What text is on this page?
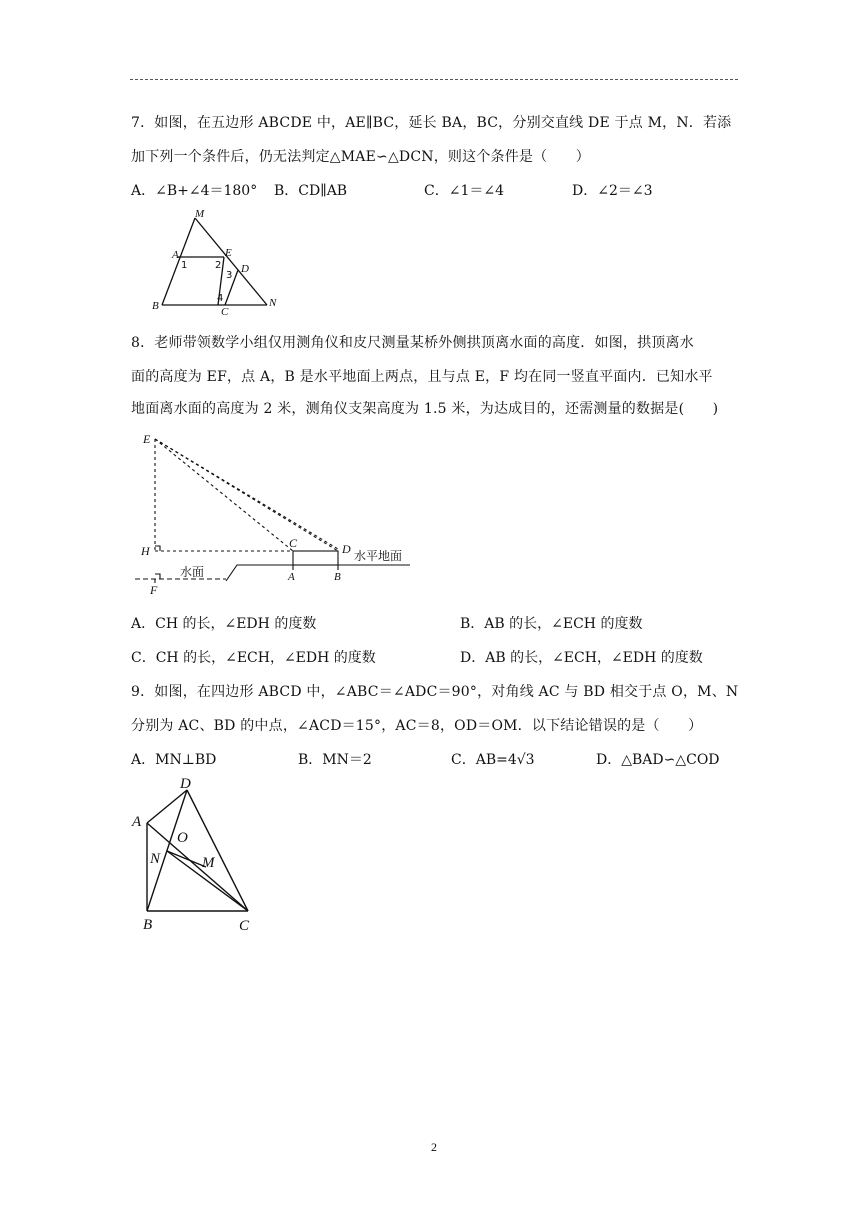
7．如图，在五边形 ABCDE 中，AE∥BC，延长 BA，BC，分别交直线 DE 于点 M，N．若添
加下列一个条件后，仍无法判定△MAE∽△DCN，则这个条件是（　　）
A．∠B+∠4＝180° B．CD∥AB	C．∠1＝∠4	D．∠2＝∠3
M
A	E
D
B	C
N
1	2
3
4
8．老师带领数学小组仅用测角仪和皮尺测量某桥外侧拱顶离水面的高度．如图，拱顶离水
面的高度为 EF，点 A，B 是水平地面上两点，且与点 E，F 均在同一竖直平面内．已知水平
地面离水面的高度为 2 米，测角仪支架高度为 1.5 米，为达成目的，还需测量的数据是(　　)
E
H
F
C	D
A	B
水面
水平地面
A．CH 的长，∠EDH 的度数	B．AB 的长，∠ECH 的度数
C．CH 的长，∠ECH，∠EDH 的度数	D．AB 的长，∠ECH，∠EDH 的度数
9．如图，在四边形 ABCD 中，∠ABC＝∠ADC＝90°，对角线 AC 与 BD 相交于点 O，M、N
分别为 AC、BD 的中点，∠ACD＝15°，AC＝8，OD＝OM．以下结论错误的是（　　）
A．MN⊥BD	B．MN＝2	C．AB=4√3	D．△BAD∽△COD
A
D
O
N	M
B	C
2
